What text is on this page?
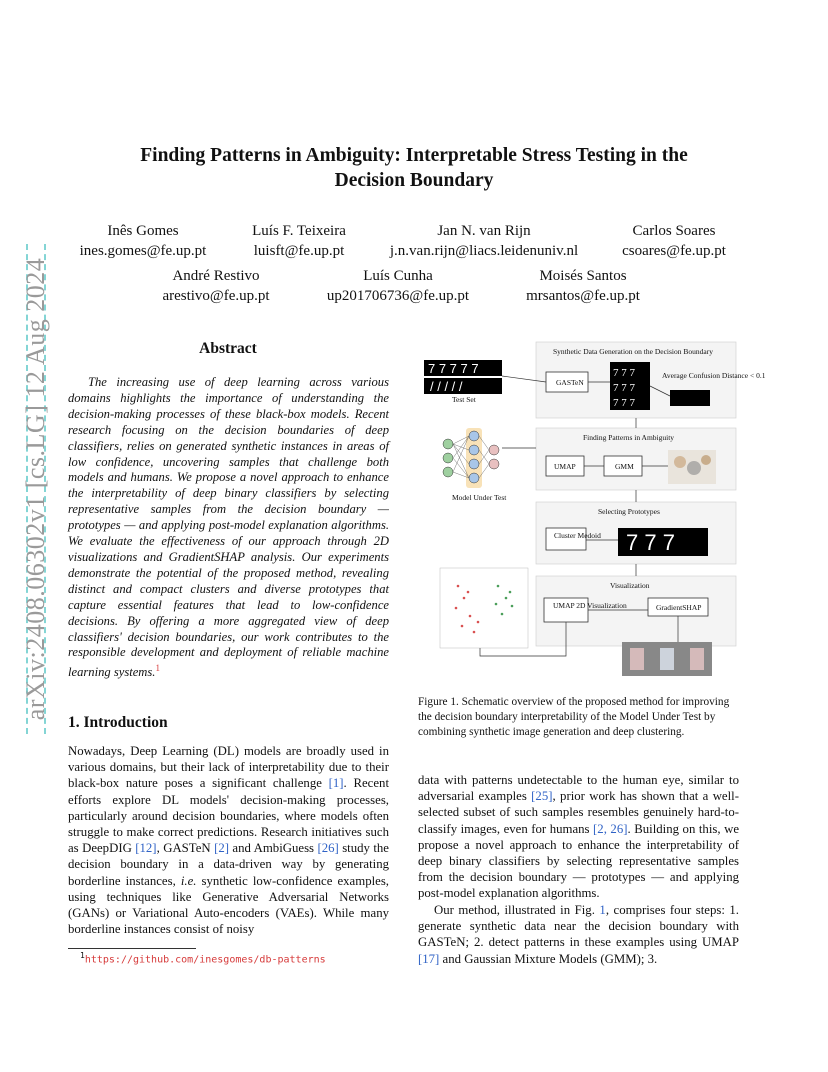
arXiv:2408.06302v1 [cs.LG] 12 Aug 2024
Finding Patterns in Ambiguity: Interpretable Stress Testing in the Decision Boundary
Inês Gomes
ines.gomes@fe.up.pt
Luís F. Teixeira
luisft@fe.up.pt
Jan N. van Rijn
j.n.van.rijn@liacs.leidenuniv.nl
Carlos Soares
csoares@fe.up.pt
André Restivo
arestivo@fe.up.pt
Luís Cunha
up201706736@fe.up.pt
Moisés Santos
mrsantos@fe.up.pt
Abstract
The increasing use of deep learning across various domains highlights the importance of understanding the decision-making processes of these black-box models. Recent research focusing on the decision boundaries of deep classifiers, relies on generated synthetic instances in areas of low confidence, uncovering samples that challenge both models and humans. We propose a novel approach to enhance the interpretability of deep binary classifiers by selecting representative samples from the decision boundary — prototypes — and applying post-model explanation algorithms. We evaluate the effectiveness of our approach through 2D visualizations and GradientSHAP analysis. Our experiments demonstrate the potential of the proposed method, revealing distinct and compact clusters and diverse prototypes that capture essential features that lead to low-confidence decisions. By offering a more aggregated view of deep classifiers' decision boundaries, our work contributes to the responsible development and deployment of reliable machine learning systems.$^1$
1. Introduction
Nowadays, Deep Learning (DL) models are broadly used in various domains, but their lack of interpretability due to their black-box nature poses a significant challenge [1]. Recent efforts explore DL models' decision-making processes, particularly around decision boundaries, where models often struggle to make correct predictions. Research initiatives such as DeepDIG [12], GASTeN [2] and AmbiGuess [26] study the decision boundary in a data-driven way by generating borderline instances, i.e. synthetic low-confidence examples, using techniques like Generative Adversarial Networks (GANs) or Variational Auto-encoders (VAEs). While many borderline instances consist of noisy
$^1$https://github.com/inesgomes/db-patterns
7 7 7 7 7
/ / / / /
Test Set
Model Under Test
Synthetic Data Generation on the Decision Boundary
GASTeN
7 7 7
7 7 7
7 7 7
Average Confusion Distance < 0.1
Finding Patterns in Ambiguity
UMAP	GMM
Selecting Prototypes
Cluster Medoid 7 7 7
Visualization
UMAP 2D Visualization	GradientSHAP
Figure 1. Schematic overview of the proposed method for improving the decision boundary interpretability of the Model Under Test by combining synthetic image generation and deep clustering.
data with patterns undetectable to the human eye, similar to adversarial examples [25], prior work has shown that a well-selected subset of such samples resembles genuinely hard-to-classify images, even for humans [2, 26]. Building on this, we propose a novel approach to enhance the interpretability of deep binary classifiers by selecting representative samples from the decision boundary — prototypes — and applying post-model explanation algorithms.
Our method, illustrated in Fig. 1, comprises four steps: 1. generate synthetic data near the decision boundary with GASTeN; 2. detect patterns in these examples using UMAP [17] and Gaussian Mixture Models (GMM); 3.
